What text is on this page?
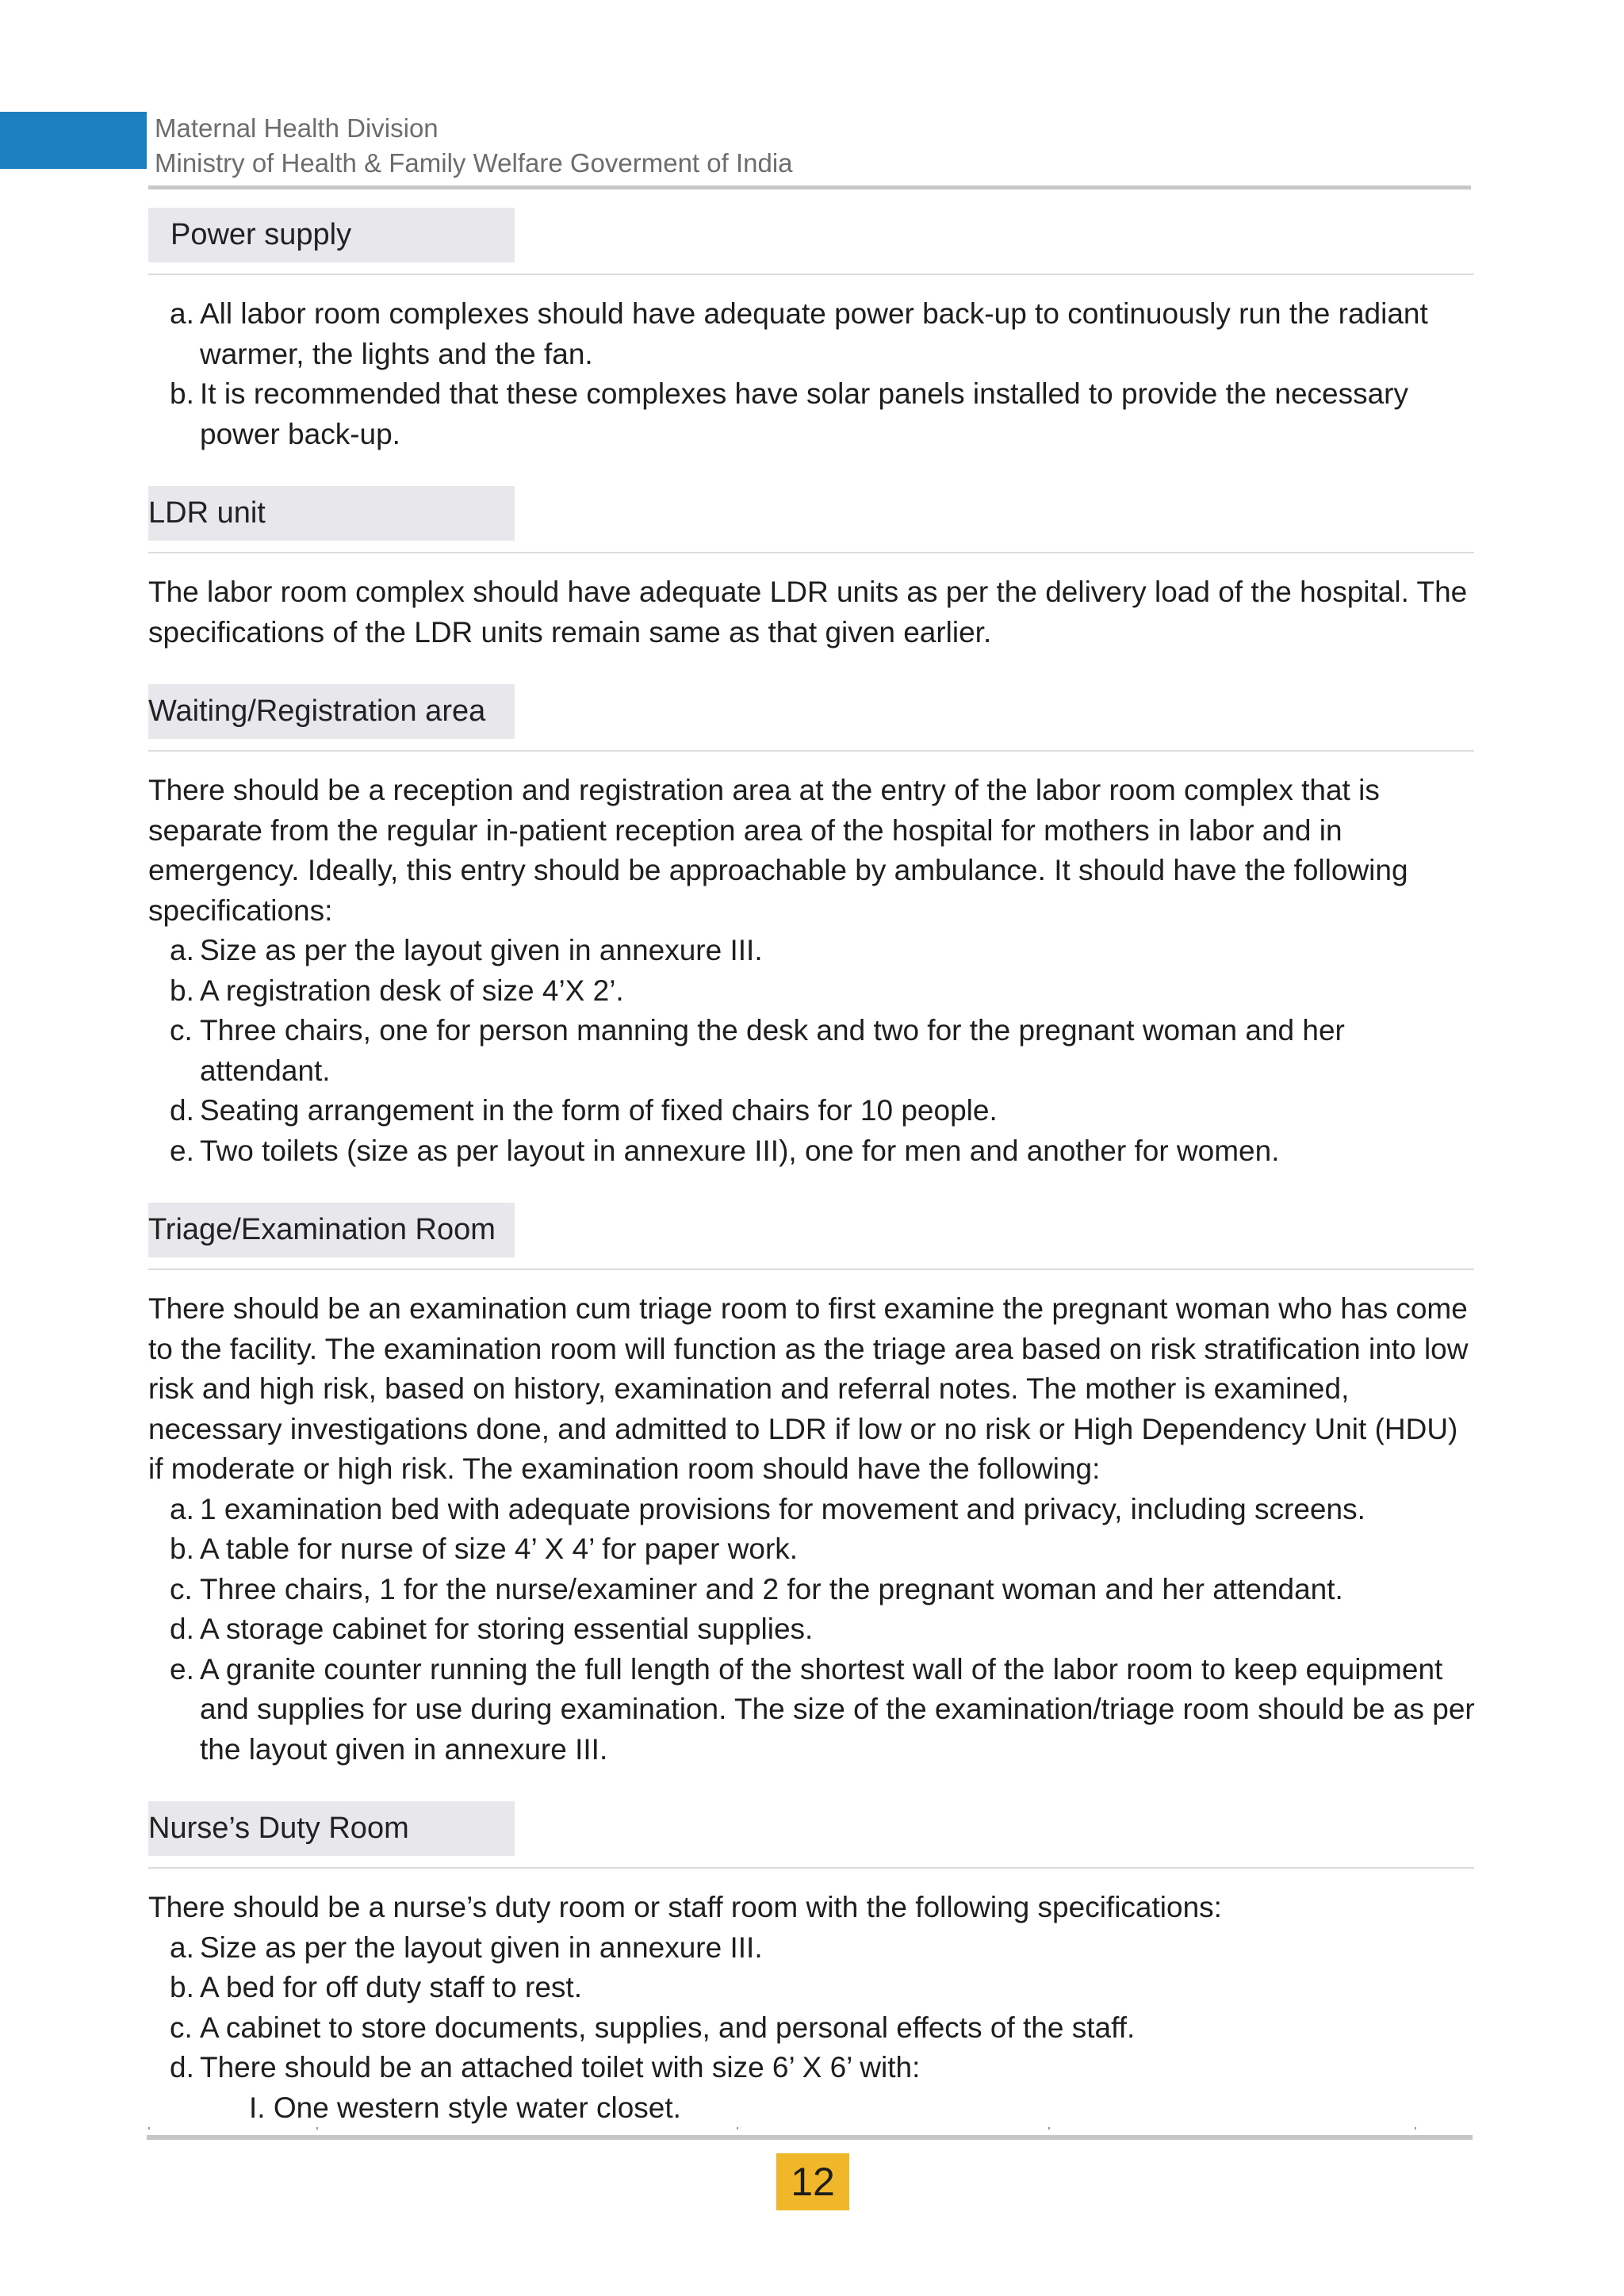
Maternal Health Division
Ministry of Health & Family Welfare Goverment of India
Power supply
a. All labor room complexes should have adequate power back-up to continuously run the radiant warmer, the lights and the fan.
b. It is recommended that these complexes have solar panels installed to provide the necessary power back-up.
LDR unit

The labor room complex should have adequate LDR units as per the delivery load of the hospital. The specifications of the LDR units remain same as that given earlier.

Waiting/Registration area

There should be a reception and registration area at the entry of the labor room complex that is separate from the regular in-patient reception area of the hospital for mothers in labor and in emergency. Ideally, this entry should be approachable by ambulance. It should have the following specifications:

a. Size as per the layout given in annexure III.
b. A registration desk of size 4’X 2’.
c. Three chairs, one for person manning the desk and two for the pregnant woman and her attendant.
d. Seating arrangement in the form of fixed chairs for 10 people.
e. Two toilets (size as per layout in annexure III), one for men and another for women.
Triage/Examination Room

There should be an examination cum triage room to first examine the pregnant woman who has come to the facility. The examination room will function as the triage area based on risk stratification into low risk and high risk, based on history, examination and referral notes. The mother is examined, necessary investigations done, and admitted to LDR if low or no risk or High Dependency Unit (HDU) if moderate or high risk. The examination room should have the following:

a. 1 examination bed with adequate provisions for movement and privacy, including screens.
b. A table for nurse of size 4’ X 4’ for paper work.
c. Three chairs, 1 for the nurse/examiner and 2 for the pregnant woman and her attendant.
d. A storage cabinet for storing essential supplies.
e. A granite counter running the full length of the shortest wall of the labor room to keep equipment and supplies for use during examination. The size of the examination/triage room should be as per the layout given in annexure III.
Nurse’s Duty Room

There should be a nurse’s duty room or staff room with the following specifications:

a. Size as per the layout given in annexure III.
b. A bed for off duty staff to rest.
c. A cabinet to store documents, supplies, and personal effects of the staff.
d. There should be an attached toilet with size 6’ X 6’ with:
I. One western style water closet.
12
